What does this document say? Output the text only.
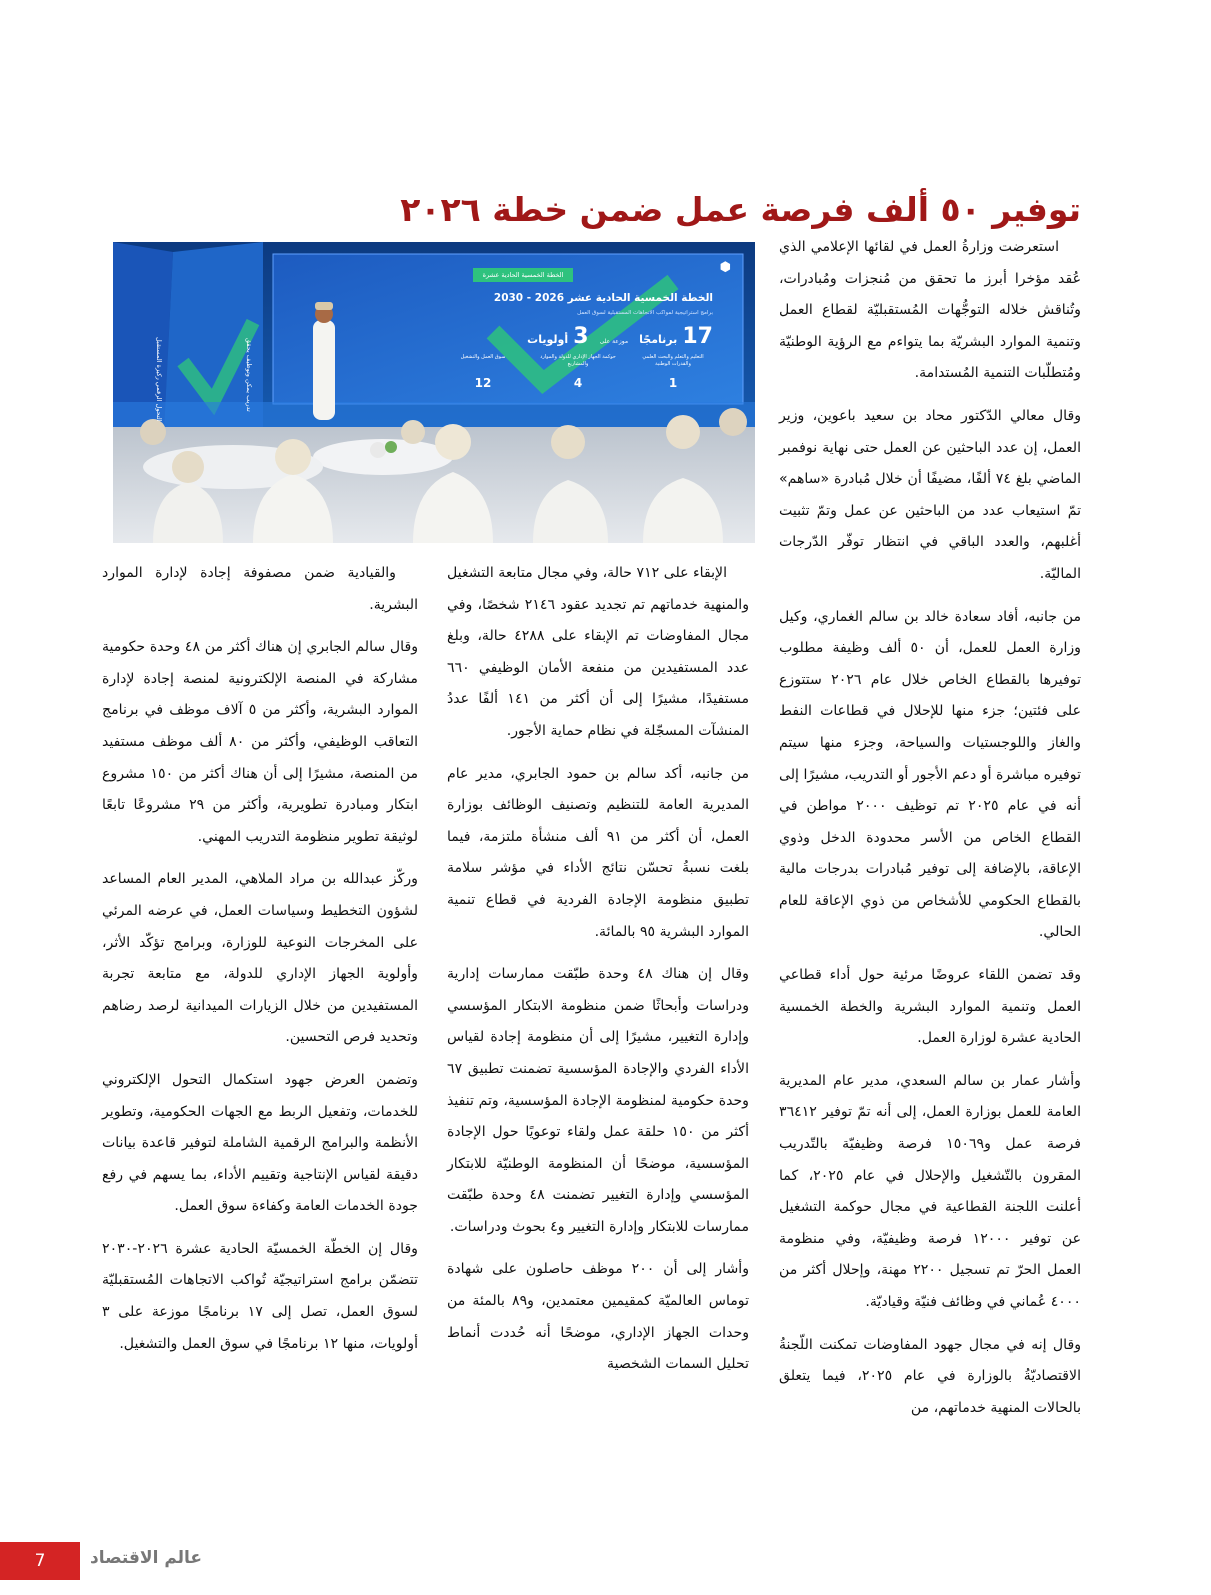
توفير ٥٠ ألف فرصة عمل ضمن خطة ٢٠٢٦
الخطة الخمسية الحادية عشرة	⬢
الخطة الخمسية الحادية عشر 2026 - 2030
برامج استراتيجية لمواكب الاتجاهات المستقبلية لسوق العمل
17 برنامجًا موزعة على 3 أولويات
سوق العمل والتشغيل
12
حوكمة الجهاز الإداري للدولة والموارد والمشاريع
4
التعليم والتعلم والبحث العلمي والقدرات الوطنية
1
التحول الرقمي ركيزة المستقبل	تدريب يمكن وتوظيف يحقق

استعرضت وزارةُ العمل في لقائها الإعلامي الذي عُقد مؤخرا أبرز ما تحقق من مُنجزات ومُبادرات، وتُناقش خلاله التوجُّهات المُستقبليّة لقطاع العمل وتنمية الموارد البشريّة بما يتواءم مع الرؤية الوطنيّة ومُتطلّبات التنمية المُستدامة.

وقال معالي الدّكتور محاد بن سعيد باعوين، وزير العمل، إن عدد الباحثين عن العمل حتى نهاية نوفمبر الماضي بلغ ٧٤ ألفًا، مضيفًا أن خلال مُبادرة «ساهم» تمّ استيعاب عدد من الباحثين عن عمل وتمّ تثبيت أغلبهم، والعدد الباقي في انتظار توفّر الدّرجات الماليّة.

من جانبه، أفاد سعادة خالد بن سالم الغماري، وكيل وزارة العمل للعمل، أن ٥٠ ألف وظيفة مطلوب توفيرها بالقطاع الخاص خلال عام ٢٠٢٦ ستتوزع على فئتين؛ جزء منها للإحلال في قطاعات النفط والغاز واللوجستيات والسياحة، وجزء منها سيتم توفيره مباشرة أو دعم الأجور أو التدريب، مشيرًا إلى أنه في عام ٢٠٢٥ تم توظيف ٢٠٠٠ مواطن في القطاع الخاص من الأسر محدودة الدخل وذوي الإعاقة، بالإضافة إلى توفير مُبادرات بدرجات مالية بالقطاع الحكومي للأشخاص من ذوي الإعاقة للعام الحالي.

وقد تضمن اللقاء عروضًا مرئية حول أداء قطاعي العمل وتنمية الموارد البشرية والخطة الخمسية الحادية عشرة لوزارة العمل.

وأشار عمار بن سالم السعدي، مدير عام المديرية العامة للعمل بوزارة العمل، إلى أنه تمّ توفير ٣٦٤١٢ فرصة عمل و١٥٠٦٩ فرصة وظيفيّة بالتّدريب المقرون بالتّشغيل والإحلال في عام ٢٠٢٥، كما أعلنت اللجنة القطاعية في مجال حوكمة التشغيل عن توفير ١٢٠٠٠ فرصة وظيفيّة، وفي منظومة العمل الحرّ تم تسجيل ٢٢٠٠ مهنة، وإحلال أكثر من ٤٠٠٠ عُماني في وظائف فنيّة وقياديّة.

وقال إنه في مجال جهود المفاوضات تمكنت اللّجنةُ الاقتصاديّةُ بالوزارة في عام ٢٠٢٥، فيما يتعلق بالحالات المنهية خدماتهم، من

الإبقاء على ٧١٢ حالة، وفي مجال متابعة التشغيل والمنهية خدماتهم تم تجديد عقود ٢١٤٦ شخصًا، وفي مجال المفاوضات تم الإبقاء على ٤٢٨٨ حالة، وبلغ عدد المستفيدين من منفعة الأمان الوظيفي ٦٦٠ مستفيدًا، مشيرًا إلى أن أكثر من ١٤١ ألفًا عددُ المنشآت المسجّلة في نظام حماية الأجور.

من جانبه، أكد سالم بن حمود الجابري، مدير عام المديرية العامة للتنظيم وتصنيف الوظائف بوزارة العمل، أن أكثر من ٩١ ألف منشأة ملتزمة، فيما بلغت نسبةُ تحسّن نتائج الأداء في مؤشر سلامة تطبيق منظومة الإجادة الفردية في قطاع تنمية الموارد البشرية ٩٥ بالمائة.

وقال إن هناك ٤٨ وحدة طبّقت ممارسات إدارية ودراسات وأبحاثًا ضمن منظومة الابتكار المؤسسي وإدارة التغيير، مشيرًا إلى أن منظومة إجادة لقياس الأداء الفردي والإجادة المؤسسية تضمنت تطبيق ٦٧ وحدة حكومية لمنظومة الإجادة المؤسسية، وتم تنفيذ أكثر من ١٥٠ حلقة عمل ولقاء توعويًا حول الإجادة المؤسسية، موضحًا أن المنظومة الوطنيّة للابتكار المؤسسي وإدارة التغيير تضمنت ٤٨ وحدة طبّقت ممارسات للابتكار وإدارة التغيير و٤ بحوث ودراسات.

وأشار إلى أن ٢٠٠ موظف حاصلون على شهادة توماس العالميّة كمقيمين معتمدين، و٨٩ بالمئة من وحدات الجهاز الإداري، موضحًا أنه حُددت أنماط تحليل السمات الشخصية

والقيادية ضمن مصفوفة إجادة لإدارة الموارد البشرية.

وقال سالم الجابري إن هناك أكثر من ٤٨ وحدة حكومية مشاركة في المنصة الإلكترونية لمنصة إجادة لإدارة الموارد البشرية، وأكثر من ٥ آلاف موظف في برنامج التعاقب الوظيفي، وأكثر من ٨٠ ألف موظف مستفيد من المنصة، مشيرًا إلى أن هناك أكثر من ١٥٠ مشروع ابتكار ومبادرة تطويرية، وأكثر من ٢٩ مشروعًا تابعًا لوثيقة تطوير منظومة التدريب المهني.

وركّز عبدالله بن مراد الملاهي، المدير العام المساعد لشؤون التخطيط وسياسات العمل، في عرضه المرئي على المخرجات النوعية للوزارة، وبرامج تؤكّد الأثر، وأولوية الجهاز الإداري للدولة، مع متابعة تجربة المستفيدين من خلال الزيارات الميدانية لرصد رضاهم وتحديد فرص التحسين.

وتضمن العرض جهود استكمال التحول الإلكتروني للخدمات، وتفعيل الربط مع الجهات الحكومية، وتطوير الأنظمة والبرامج الرقمية الشاملة لتوفير قاعدة بيانات دقيقة لقياس الإنتاجية وتقييم الأداء، بما يسهم في رفع جودة الخدمات العامة وكفاءة سوق العمل.

وقال إن الخطّة الخمسيّة الحادية عشرة ٢٠٢٦-٢٠٣٠ تتضمّن برامج استراتيجيّة تُواكب الاتجاهات المُستقبليّة لسوق العمل، تصل إلى ١٧ برنامجًا موزعة على ٣ أولويات، منها ١٢ برنامجًا في سوق العمل والتشغيل.

7	عالم الاقتصاد
